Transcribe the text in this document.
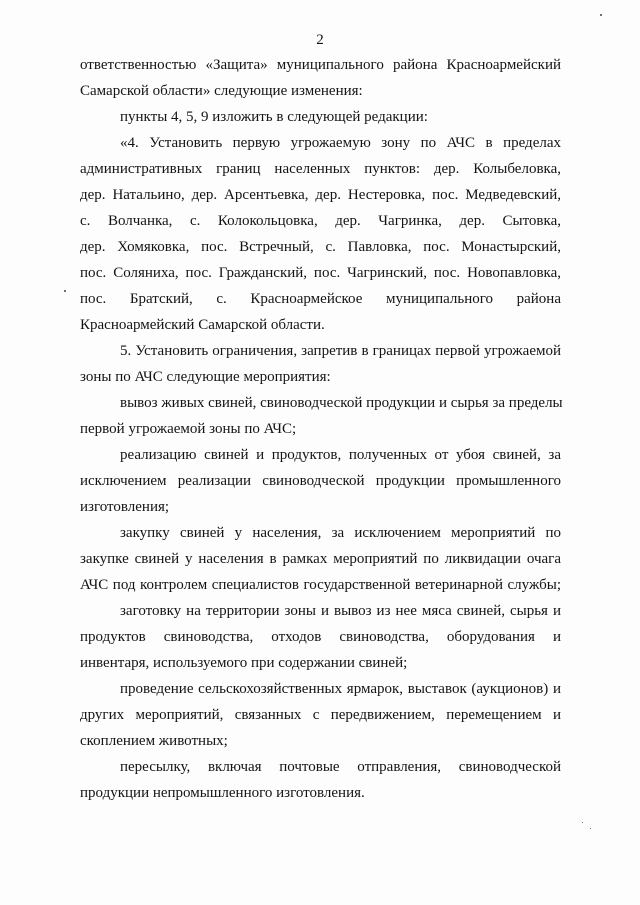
2
ответственностью «Защита» муниципального района Красноармейский
Самарской области» следующие изменения:
пункты 4, 5, 9 изложить в следующей редакции:
«4. Установить первую угрожаемую зону по АЧС в пределах
административных границ населенных пунктов: дер. Колыбеловка,
дер. Натальино, дер. Арсентьевка, дер. Нестеровка, пос. Медведевский,
с. Волчанка, с. Колокольцовка, дер. Чагринка, дер. Сытовка,
дер. Хомяковка, пос. Встречный, с. Павловка, пос. Монастырский,
пос. Соляниха, пос. Гражданский, пос. Чагринский, пос. Новопавловка,
пос. Братский, с. Красноармейское муниципального района
Красноармейский Самарской области.
5. Установить ограничения, запретив в границах первой угрожаемой
зоны по АЧС следующие мероприятия:
вывоз живых свиней, свиноводческой продукции и сырья за пределы
первой угрожаемой зоны по АЧС;
реализацию свиней и продуктов, полученных от убоя свиней, за
исключением реализации свиноводческой продукции промышленного
изготовления;
закупку свиней у населения, за исключением мероприятий по
закупке свиней у населения в рамках мероприятий по ликвидации очага
АЧС под контролем специалистов государственной ветеринарной службы;
заготовку на территории зоны и вывоз из нее мяса свиней, сырья и
продуктов свиноводства, отходов свиноводства, оборудования и
инвентаря, используемого при содержании свиней;
проведение сельскохозяйственных ярмарок, выставок (аукционов) и
других мероприятий, связанных с передвижением, перемещением и
скоплением животных;
пересылку, включая почтовые отправления, свиноводческой
продукции непромышленного изготовления.
